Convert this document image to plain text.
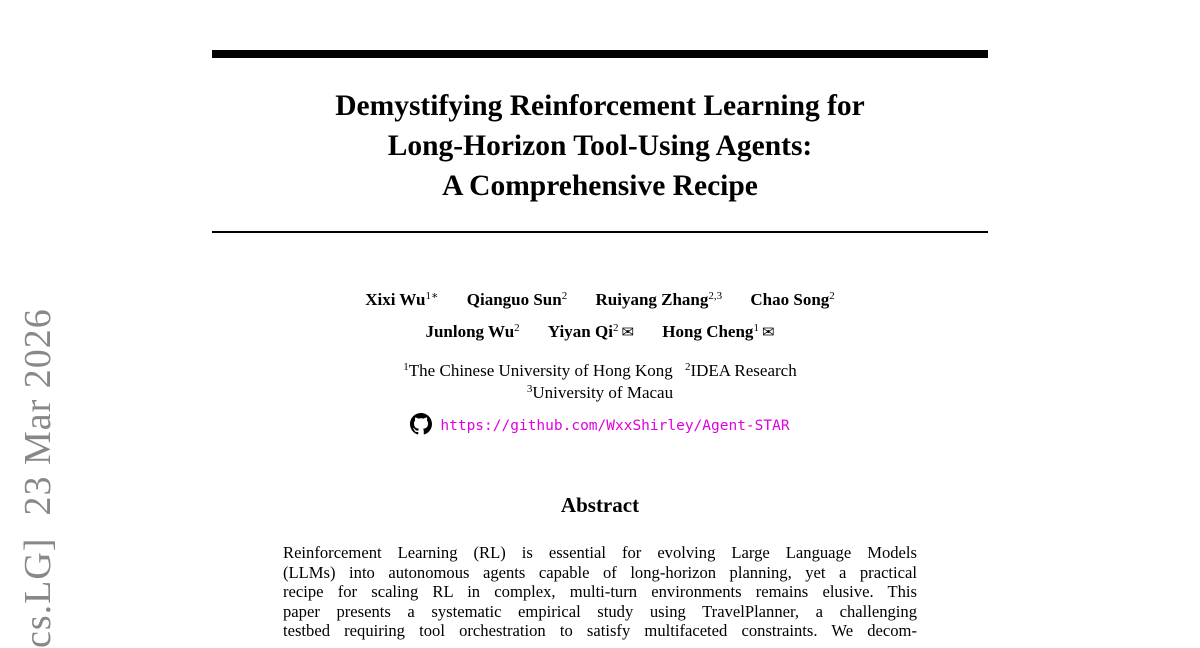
Demystifying Reinforcement Learning for
Long-Horizon Tool-Using Agents:
A Comprehensive Recipe
Xixi $Wu^{1∗}$ Qianguo Sun$^2$ Ruiyang Zhang$^{2,3}$ Chao Song$^2$
Junlong Wu$^2$ Yiyan Qi$^2$ ✉ Hong Cheng$^1$ ✉
$^1$The Chinese University of Hong Kong $^2$IDEA Research
$^3$University of Macau
https://github.com/WxxShirley/Agent-STAR
Abstract

Reinforcement Learning (RL) is essential for evolving Large Language Models
(LLMs) into autonomous agents capable of long-horizon planning, yet a practical
recipe for scaling RL in complex, multi-turn environments remains elusive. This
paper presents a systematic empirical study using TravelPlanner, a challenging
testbed requiring tool orchestration to satisfy multifaceted constraints. We decom-

cs.LG]23 Mar 2026
